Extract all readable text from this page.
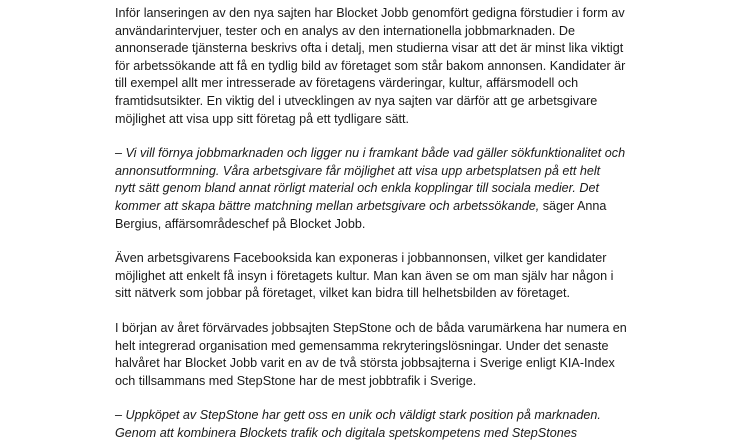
Inför lanseringen av den nya sajten har Blocket Jobb genomfört gedigna förstudier i form av
användarintervjuer, tester och en analys av den internationella jobbmarknaden. De
annonserade tjänsterna beskrivs ofta i detalj, men studierna visar att det är minst lika viktigt
för arbetssökande att få en tydlig bild av företaget som står bakom annonsen. Kandidater är
till exempel allt mer intresserade av företagens värderingar, kultur, affärsmodell och
framtidsutsikter. En viktig del i utvecklingen av nya sajten var därför att ge arbetsgivare
möjlighet att visa upp sitt företag på ett tydligare sätt.

– Vi vill förnya jobbmarknaden och ligger nu i framkant både vad gäller sökfunktionalitet och
annonsutformning. Våra arbetsgivare får möjlighet att visa upp arbetsplatsen på ett helt
nytt sätt genom bland annat rörligt material och enkla kopplingar till sociala medier. Det
kommer att skapa bättre matchning mellan arbetsgivare och arbetssökande, säger Anna
Bergius, affärsområdeschef på Blocket Jobb.

Även arbetsgivarens Facebooksida kan exponeras i jobbannonsen, vilket ger kandidater
möjlighet att enkelt få insyn i företagets kultur. Man kan även se om man själv har någon i
sitt nätverk som jobbar på företaget, vilket kan bidra till helhetsbilden av företaget.

I början av året förvärvades jobbsajten StepStone och de båda varumärkena har numera en
helt integrerad organisation med gemensamma rekryteringslösningar. Under det senaste
halvåret har Blocket Jobb varit en av de två största jobbsajterna i Sverige enligt KIA-Index
och tillsammans med StepStone har de mest jobbtrafik i Sverige.

– Uppköpet av StepStone har gett oss en unik och väldigt stark position på marknaden.
Genom att kombinera Blockets trafik och digitala spetskompetens med StepStones
